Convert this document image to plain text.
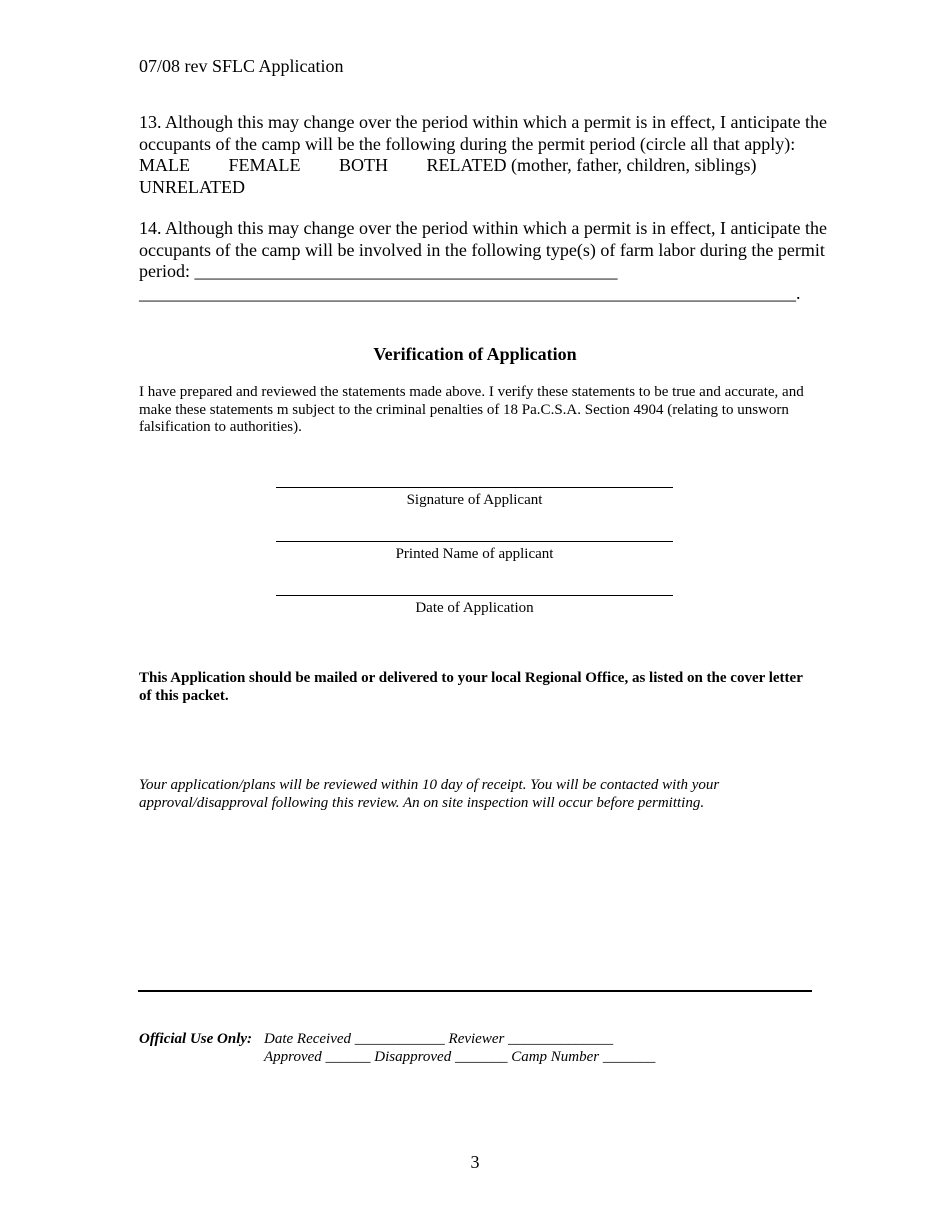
07/08 rev SFLC Application
13. Although this may change over the period within which a permit is in effect, I anticipate the occupants of the camp will be the following during the permit period (circle all that apply): MALE FEMALE BOTH RELATED (mother, father, children, siblings) UNRELATED
14. Although this may change over the period within which a permit is in effect, I anticipate the occupants of the camp will be involved in the following type(s) of farm labor during the permit period: _______________________________________________ _________________________________________________________________________.
Verification of Application
I have prepared and reviewed the statements made above. I verify these statements to be true and accurate, and make these statements m subject to the criminal penalties of 18 Pa.C.S.A. Section 4904 (relating to unsworn falsification to authorities).
Signature of Applicant
Printed Name of applicant
Date of Application
This Application should be mailed or delivered to your local Regional Office, as listed on the cover letter of this packet.
Your application/plans will be reviewed within 10 day of receipt. You will be contacted with your approval/disapproval following this review. An on site inspection will occur before permitting.
Official Use Only: Date Received ____________ Reviewer ______________
Approved ______ Disapproved _______ Camp Number _______
3
